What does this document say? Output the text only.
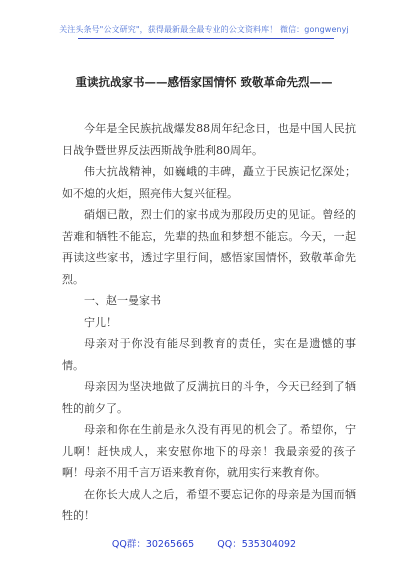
关注头条号"公文研究"，获得最新最全最专业的公文资料库！ 微信：gongwenyj
重读抗战家书——感悟家国情怀 致敬革命先烈——

今年是全民族抗战爆发88周年纪念日，也是中国人民抗日战争暨世界反法西斯战争胜利80周年。

伟大抗战精神，如巍峨的丰碑，矗立于民族记忆深处；如不熄的火炬，照亮伟大复兴征程。

硝烟已散，烈士们的家书成为那段历史的见证。曾经的苦难和牺牲不能忘，先辈的热血和梦想不能忘。今天，一起再读这些家书，透过字里行间，感悟家国情怀，致敬革命先烈。

一、赵一曼家书

宁儿！

母亲对于你没有能尽到教育的责任，实在是遗憾的事情。

母亲因为坚决地做了反满抗日的斗争，今天已经到了牺牲的前夕了。

母亲和你在生前是永久没有再见的机会了。希望你，宁儿啊！赶快成人，来安慰你地下的母亲！我最亲爱的孩子啊！母亲不用千言万语来教育你，就用实行来教育你。

在你长大成人之后，希望不要忘记你的母亲是为国而牺牲的！

QQ群：30265665 QQ：535304092
